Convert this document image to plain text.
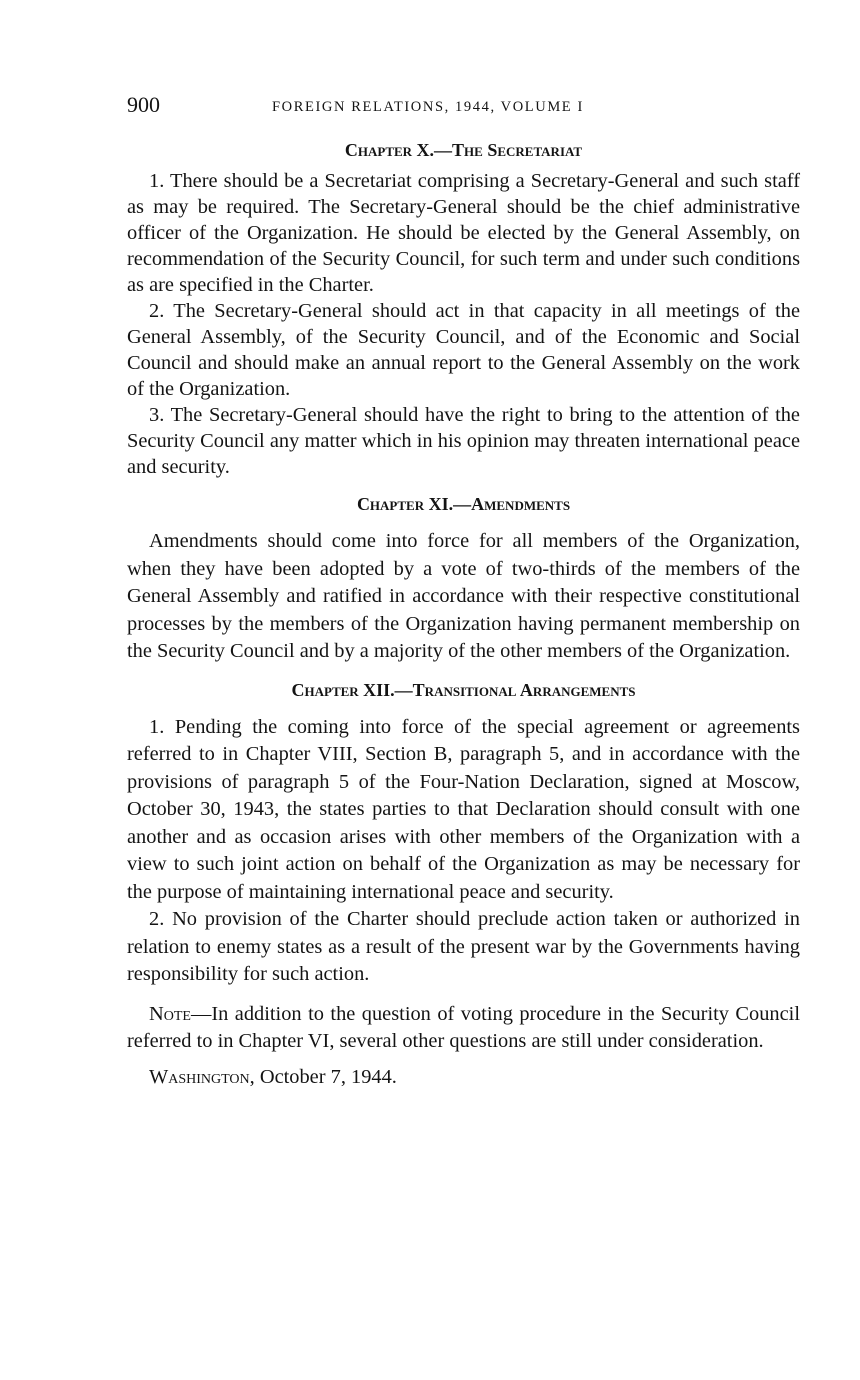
900	FOREIGN RELATIONS, 1944, VOLUME I
Chapter X.—The Secretariat

1. There should be a Secretariat comprising a Secretary-General and such staff as may be required. The Secretary-General should be the chief administrative officer of the Organization. He should be elected by the General Assembly, on recommendation of the Security Council, for such term and under such conditions as are specified in the Charter.

2. The Secretary-General should act in that capacity in all meetings of the General Assembly, of the Security Council, and of the Economic and Social Council and should make an annual report to the General Assembly on the work of the Organization.

3. The Secretary-General should have the right to bring to the attention of the Security Council any matter which in his opinion may threaten international peace and security.

Chapter XI.—Amendments

Amendments should come into force for all members of the Organization, when they have been adopted by a vote of two-thirds of the members of the General Assembly and ratified in accordance with their respective constitutional processes by the members of the Organization having permanent membership on the Security Council and by a majority of the other members of the Organization.

Chapter XII.—Transitional Arrangements

1. Pending the coming into force of the special agreement or agreements referred to in Chapter VIII, Section B, paragraph 5, and in accordance with the provisions of paragraph 5 of the Four-Nation Declaration, signed at Moscow, October 30, 1943, the states parties to that Declaration should consult with one another and as occasion arises with other members of the Organization with a view to such joint action on behalf of the Organization as may be necessary for the purpose of maintaining international peace and security.

2. No provision of the Charter should preclude action taken or authorized in relation to enemy states as a result of the present war by the Governments having responsibility for such action.

Note—In addition to the question of voting procedure in the Security Council referred to in Chapter VI, several other questions are still under consideration.

Washington, October 7, 1944.
